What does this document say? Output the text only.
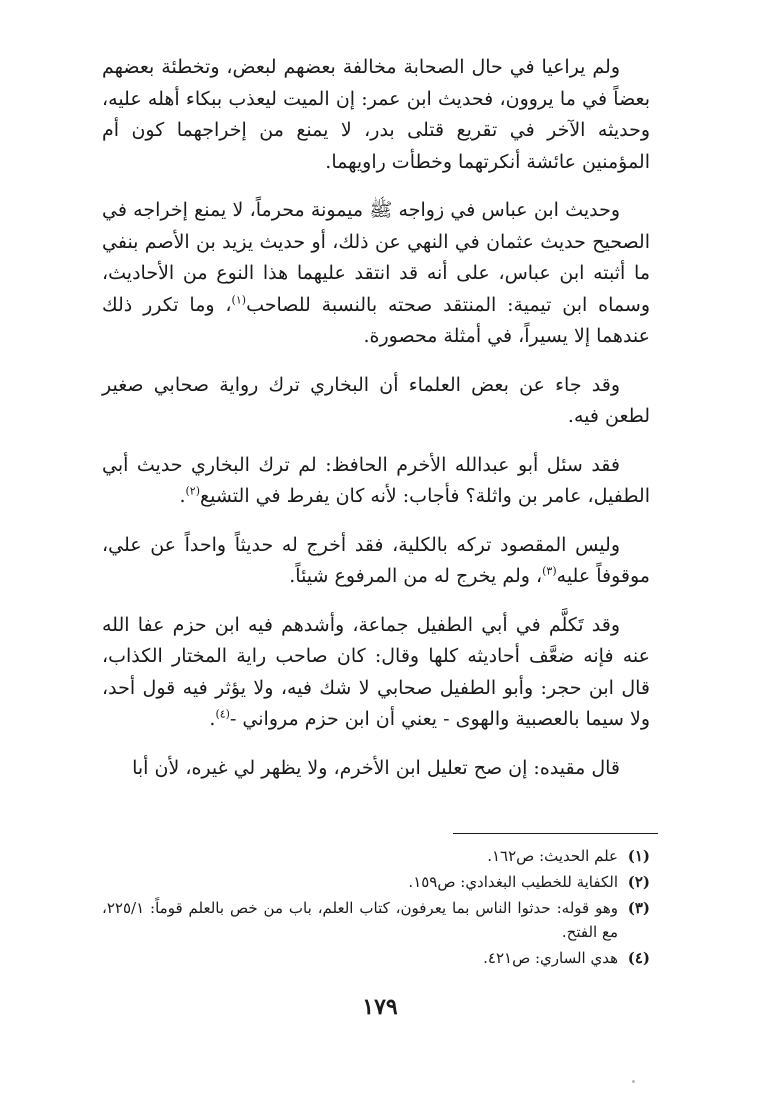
ولم يراعيا في حال الصحابة مخالفة بعضهم لبعض، وتخطئة بعضهم بعضاً في ما يروون، فحديث ابن عمر: إن الميت ليعذب ببكاء أهله عليه، وحديثه الآخر في تقريع قتلى بدر، لا يمنع من إخراجهما كون أم المؤمنين عائشة أنكرتهما وخطأت راويهما.

وحديث ابن عباس في زواجه ﷺ ميمونة محرماً، لا يمنع إخراجه في الصحيح حديث عثمان في النهي عن ذلك، أو حديث يزيد بن الأصم بنفي ما أثبته ابن عباس، على أنه قد انتقد عليهما هذا النوع من الأحاديث، وسماه ابن تيمية: المنتقد صحته بالنسبة للصاحب$^{(١)}$، وما تكرر ذلك عندهما إلا يسيراً، في أمثلة محصورة.

وقد جاء عن بعض العلماء أن البخاري ترك رواية صحابي صغير لطعن فيه.

فقد سئل أبو عبدالله الأخرم الحافظ: لم ترك البخاري حديث أبي الطفيل، عامر بن واثلة؟ فأجاب: لأنه كان يفرط في التشيع$^{(٢)}$.

وليس المقصود تركه بالكلية، فقد أخرج له حديثاً واحداً عن علي، موقوفاً عليه$^{(٣)}$، ولم يخرج له من المرفوع شيئاً.

وقد تَكلَّم في أبي الطفيل جماعة، وأشدهم فيه ابن حزم عفا الله عنه فإنه ضعَّف أحاديثه كلها وقال: كان صاحب راية المختار الكذاب، قال ابن حجر: وأبو الطفيل صحابي لا شك فيه، ولا يؤثر فيه قول أحد، ولا سيما بالعصبية والهوى - يعني أن ابن حزم مرواني -$^{(٤)}$.

قال مقيده: إن صح تعليل ابن الأخرم، ولا يظهر لي غيره، لأن أبا

(١)
علم الحديث: ص١٦٢.
(٢)
الكفاية للخطيب البغدادي: ص١٥٩.
(٣)
وهو قوله: حدثوا الناس بما يعرفون، كتاب العلم، باب من خص بالعلم قوماً: ٢٢٥/١، مع الفتح.
(٤)
هدي الساري: ص٤٢١.
١٧٩
